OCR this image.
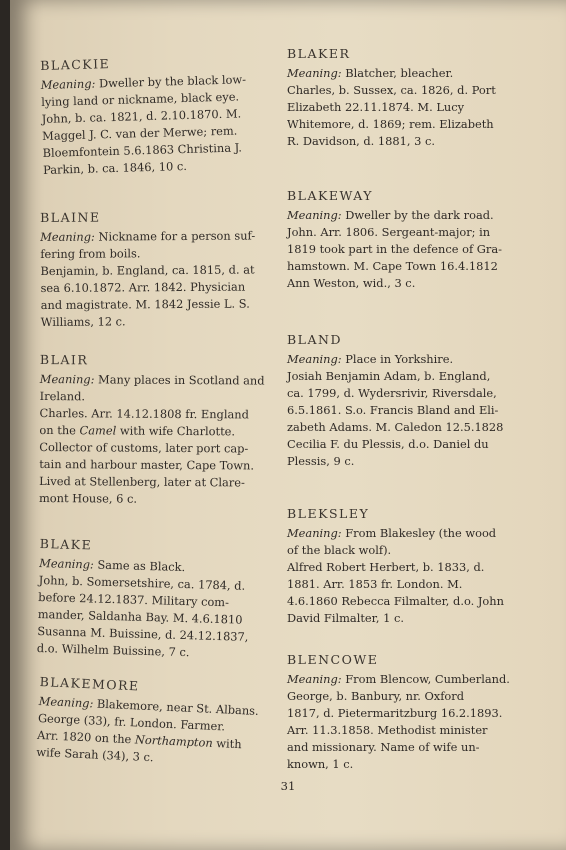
BLACKIE
Meaning: Dweller by the black low-
lying land or nickname, black eye.
John, b. ca. 1821, d. 2.10.1870. M.
Maggel J. C. van der Merwe; rem.
Bloemfontein 5.6.1863 Christina J.
Parkin, b. ca. 1846, 10 c.
BLAINE
Meaning: Nickname for a person suf-
fering from boils.
Benjamin, b. England, ca. 1815, d. at
sea 6.10.1872. Arr. 1842. Physician
and magistrate. M. 1842 Jessie L. S.
Williams, 12 c.
BLAIR
Meaning: Many places in Scotland and
Ireland.
Charles. Arr. 14.12.1808 fr. England
on the Camel with wife Charlotte.
Collector of customs, later port cap-
tain and harbour master, Cape Town.
Lived at Stellenberg, later at Clare-
mont House, 6 c.
BLAKE
Meaning: Same as Black.
John, b. Somersetshire, ca. 1784, d.
before 24.12.1837. Military com-
mander, Saldanha Bay. M. 4.6.1810
Susanna M. Buissine, d. 24.12.1837,
d.o. Wilhelm Buissine, 7 c.
BLAKEMORE
Meaning: Blakemore, near St. Albans.
George (33), fr. London. Farmer.
Arr. 1820 on the Northampton with
wife Sarah (34), 3 c.
BLAKER
Meaning: Blatcher, bleacher.
Charles, b. Sussex, ca. 1826, d. Port
Elizabeth 22.11.1874. M. Lucy
Whitemore, d. 1869; rem. Elizabeth
R. Davidson, d. 1881, 3 c.
BLAKEWAY
Meaning: Dweller by the dark road.
John. Arr. 1806. Sergeant-major; in
1819 took part in the defence of Gra-
hamstown. M. Cape Town 16.4.1812
Ann Weston, wid., 3 c.
BLAND
Meaning: Place in Yorkshire.
Josiah Benjamin Adam, b. England,
ca. 1799, d. Wydersrivir, Riversdale,
6.5.1861. S.o. Francis Bland and Eli-
zabeth Adams. M. Caledon 12.5.1828
Cecilia F. du Plessis, d.o. Daniel du
Plessis, 9 c.
BLEKSLEY
Meaning: From Blakesley (the wood
of the black wolf).
Alfred Robert Herbert, b. 1833, d.
1881. Arr. 1853 fr. London. M.
4.6.1860 Rebecca Filmalter, d.o. John
David Filmalter, 1 c.
BLENCOWE
Meaning: From Blencow, Cumberland.
George, b. Banbury, nr. Oxford
1817, d. Pietermaritzburg 16.2.1893.
Arr. 11.3.1858. Methodist minister
and missionary. Name of wife un-
known, 1 c.
31
